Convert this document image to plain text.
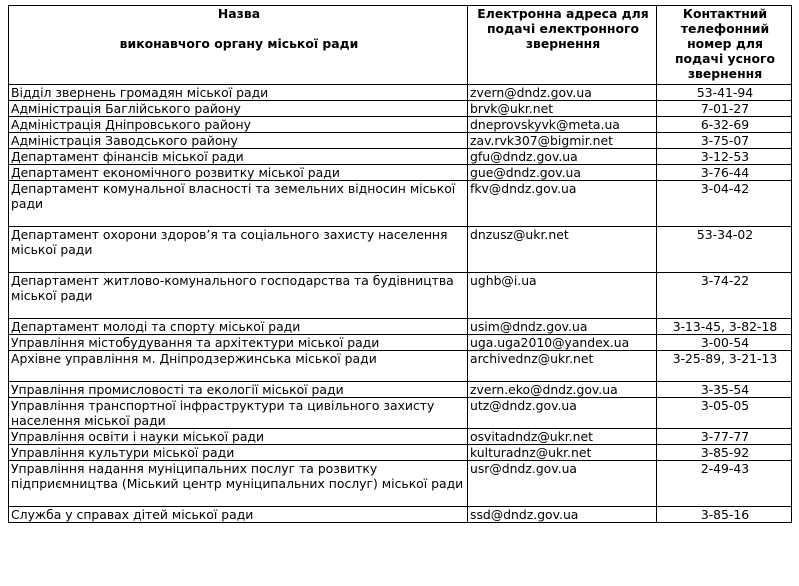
Назва
виконавчого органу міської ради	Електронна адреса для подачі електронного звернення	Контактний телефонний номер для подачі усного звернення

Відділ звернень громадян міської ради	zvern@dndz.gov.ua	53-41-94
Адміністрація Баглійського району	brvk@ukr.net	7-01-27
Адміністрація Дніпровського району	dneprovskyvk@meta.ua	6-32-69
Адміністрація Заводського району	zav.rvk307@bigmir.net	3-75-07
Департамент фінансів міської ради	gfu@dndz.gov.ua	3-12-53
Департамент економічного розвитку міської ради	gue@dndz.gov.ua	3-76-44
Департамент комунальної власності та земельних відносин міської ради	fkv@dndz.gov.ua	3-04-42
Департамент охорони здоров’я та соціального захисту населення міської ради	dnzusz@ukr.net	53-34-02
Департамент житлово-комунального господарства та будівництва міської ради	ughb@i.ua	3-74-22
Департамент молоді та спорту міської ради	usim@dndz.gov.ua	3-13-45, 3-82-18
Управління містобудування та архітектури міської ради	uga.uga2010@yandex.ua	3-00-54
Архівне управління м. Дніпродзержинська міської ради	archivednz@ukr.net	3-25-89, 3-21-13
Управління промисловості та екології міської ради	zvern.eko@dndz.gov.ua	3-35-54
Управління транспортної інфраструктури та цивільного захисту населення міської ради	utz@dndz.gov.ua	3-05-05
Управління освіти і науки міської ради	osvitadndz@ukr.net	3-77-77
Управління культури міської ради	kulturadnz@ukr.net	3-85-92
Управління надання муніципальних послуг та розвитку підприємництва (Міський центр муніципальних послуг) міської ради	usr@dndz.gov.ua	2-49-43
Служба у справах дітей міської ради	ssd@dndz.gov.ua	3-85-16
